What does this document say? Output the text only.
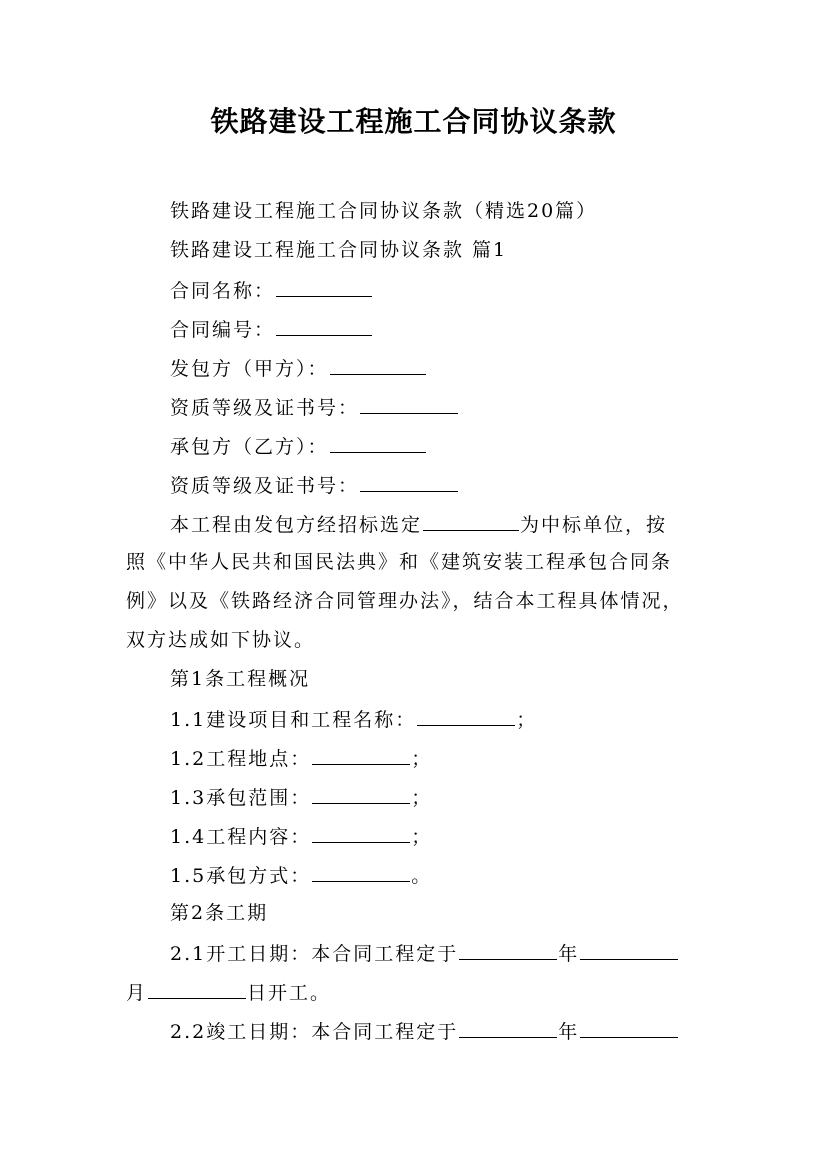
铁路建设工程施工合同协议条款
铁路建设工程施工合同协议条款（精选20篇）
铁路建设工程施工合同协议条款 篇1
合同名称：
合同编号：
发包方（甲方）：
资质等级及证书号：
承包方（乙方）：
资质等级及证书号：
本工程由发包方经招标选定	为中标单位，按
照《中华人民共和国民法典》和《建筑安装工程承包合同条
例》以及《铁路经济合同管理办法》，结合本工程具体情况，
双方达成如下协议。
第1条工程概况
1.1建设项目和工程名称：	；
1.2工程地点：	；
1.3承包范围：	；
1.4工程内容：	；
1.5承包方式：	。
第2条工期
2.1开工日期：本合同工程定于	年
月	日开工。
2.2竣工日期：本合同工程定于	年
